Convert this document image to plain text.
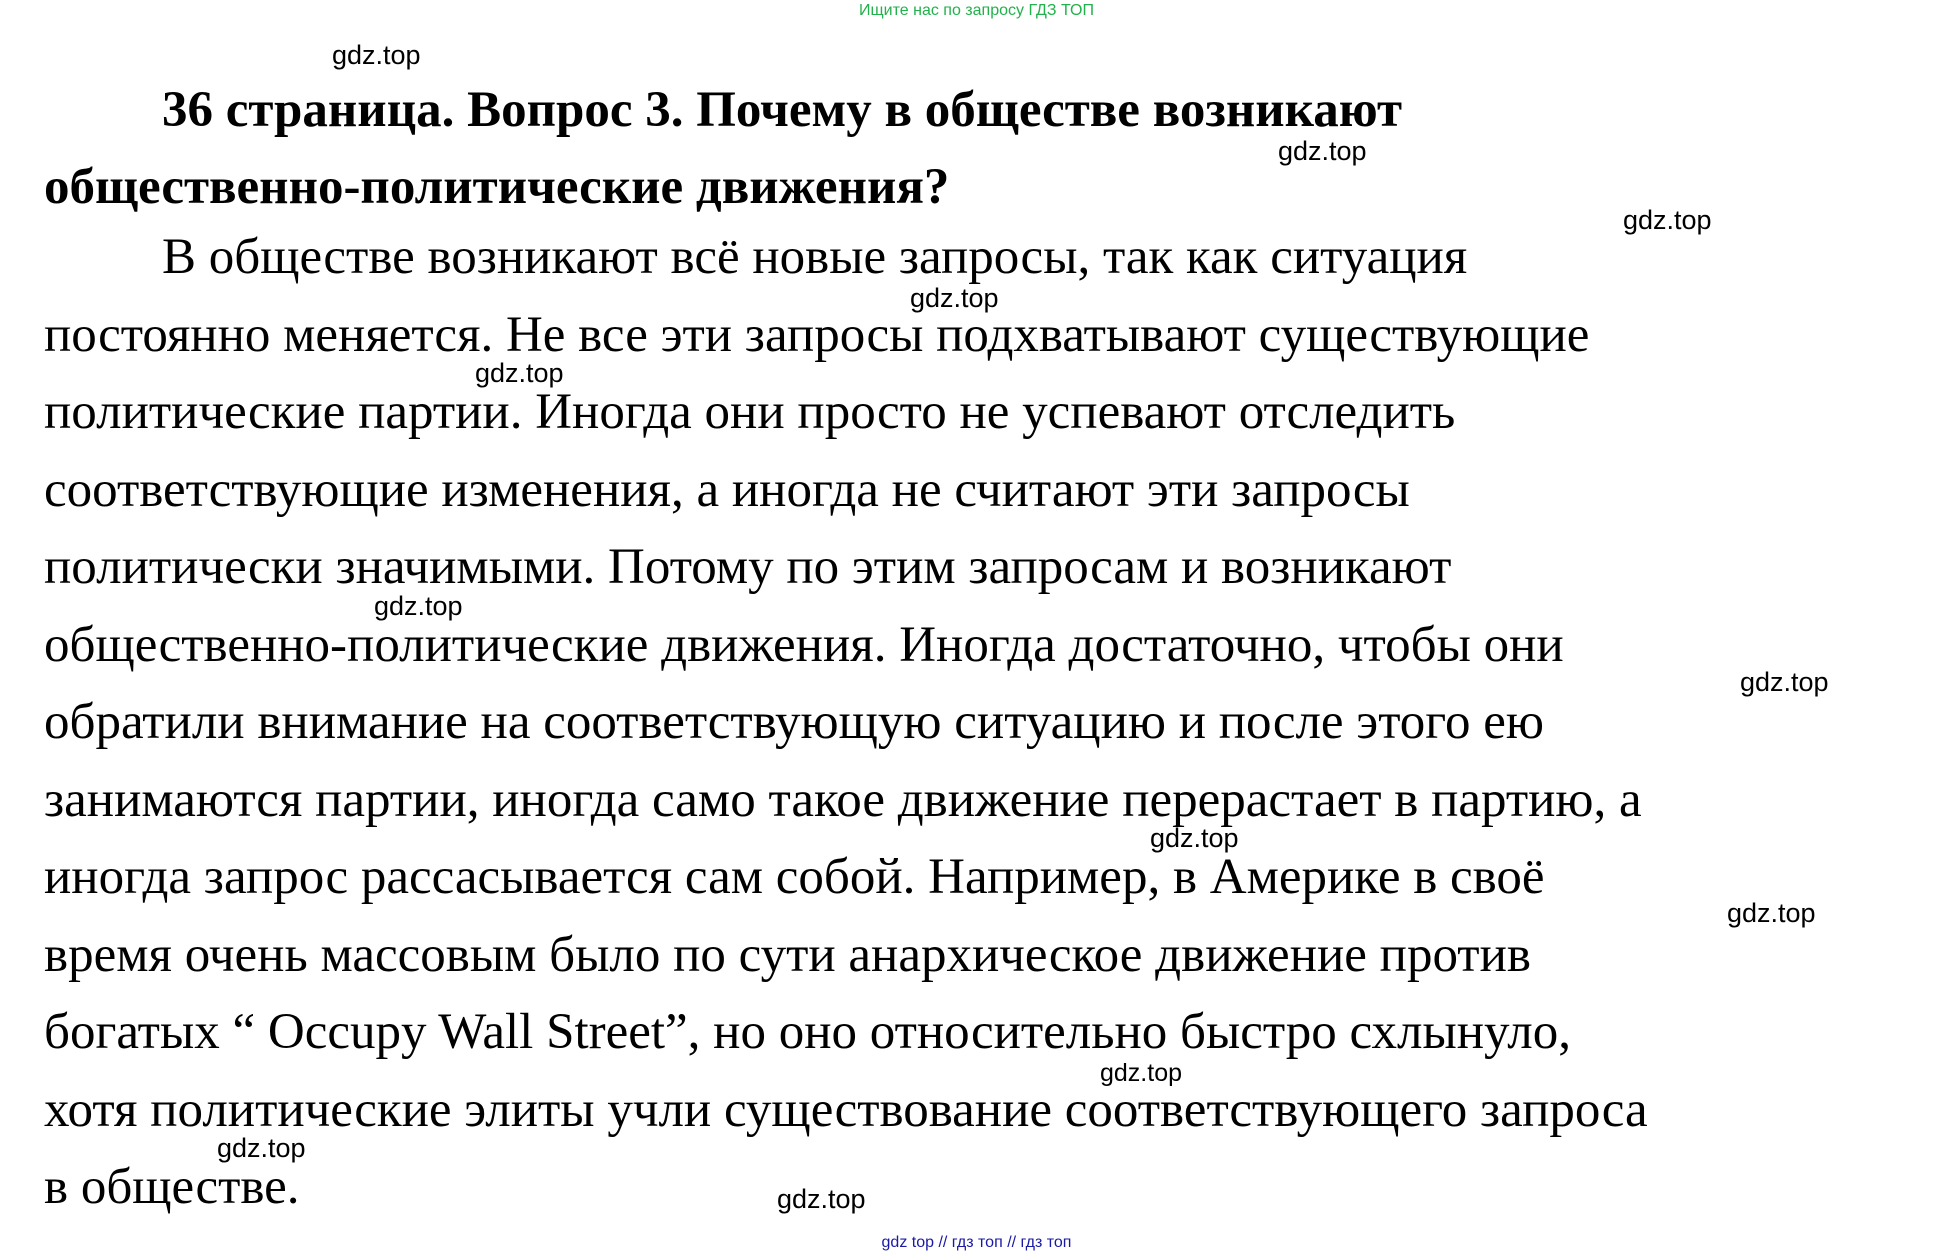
Ищите нас по запросу ГДЗ ТОП
36 страница. Вопрос 3. Почему в обществе возникают
общественно-политические движения?
В обществе возникают всё новые запросы, так как ситуация
постоянно меняется. Не все эти запросы подхватывают существующие
политические партии. Иногда они просто не успевают отследить
соответствующие изменения, а иногда не считают эти запросы
политически значимыми. Потому по этим запросам и возникают
общественно-политические движения. Иногда достаточно, чтобы они
обратили внимание на соответствующую ситуацию и после этого ею
занимаются партии, иногда само такое движение перерастает в партию, а
иногда запрос рассасывается сам собой. Например, в Америке в своё
время очень массовым было по сути анархическое движение против
богатых “ Occupy Wall Street”, но оно относительно быстро схлынуло,
хотя политические элиты учли существование соответствующего запроса
в обществе.
gdz.top
gdz.top
gdz.top
gdz.top
gdz.top
gdz.top
gdz.top
gdz.top
gdz.top
gdz.top
gdz.top
gdz.top
gdz top // гдз топ // гдз топ
